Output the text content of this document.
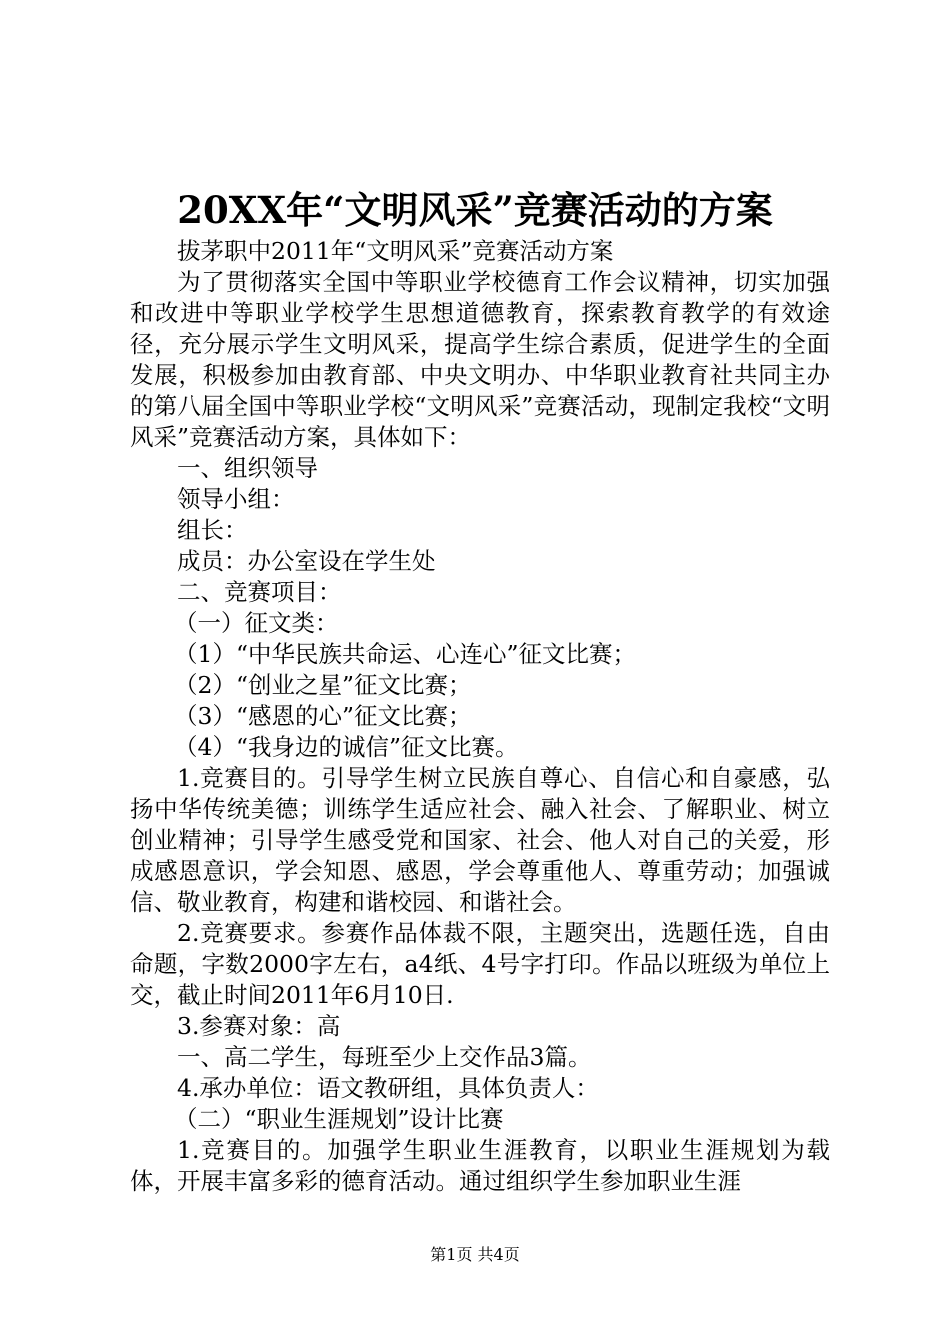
20XX年“文明风采”竞赛活动的方案

拔茅职中2011年“文明风采”竞赛活动方案

为了贯彻落实全国中等职业学校德育工作会议精神，切实加强和改进中等职业学校学生思想道德教育，探索教育教学的有效途径，充分展示学生文明风采，提高学生综合素质，促进学生的全面发展，积极参加由教育部、中央文明办、中华职业教育社共同主办的第八届全国中等职业学校“文明风采”竞赛活动，现制定我校“文明风采”竞赛活动方案，具体如下：

一、组织领导

领导小组：

组长：

成员：办公室设在学生处

二、竞赛项目：

（一）征文类：

（1）“中华民族共命运、心连心”征文比赛；

（2）“创业之星”征文比赛；

（3）“感恩的心”征文比赛；

（4）“我身边的诚信”征文比赛。

1.竞赛目的。引导学生树立民族自尊心、自信心和自豪感，弘扬中华传统美德；训练学生适应社会、融入社会、了解职业、树立创业精神；引导学生感受党和国家、社会、他人对自己的关爱，形成感恩意识，学会知恩、感恩，学会尊重他人、尊重劳动；加强诚信、敬业教育，构建和谐校园、和谐社会。

2.竞赛要求。参赛作品体裁不限，主题突出，选题任选，自由命题，字数2000字左右，a4纸、4号字打印。作品以班级为单位上交，截止时间2011年6月10日.

3.参赛对象：高

一、高二学生，每班至少上交作品3篇。

4.承办单位：语文教研组，具体负责人：

（二）“职业生涯规划”设计比赛

1.竞赛目的。加强学生职业生涯教育，以职业生涯规划为载体，开展丰富多彩的德育活动。通过组织学生参加职业生涯

第1页 共4页
